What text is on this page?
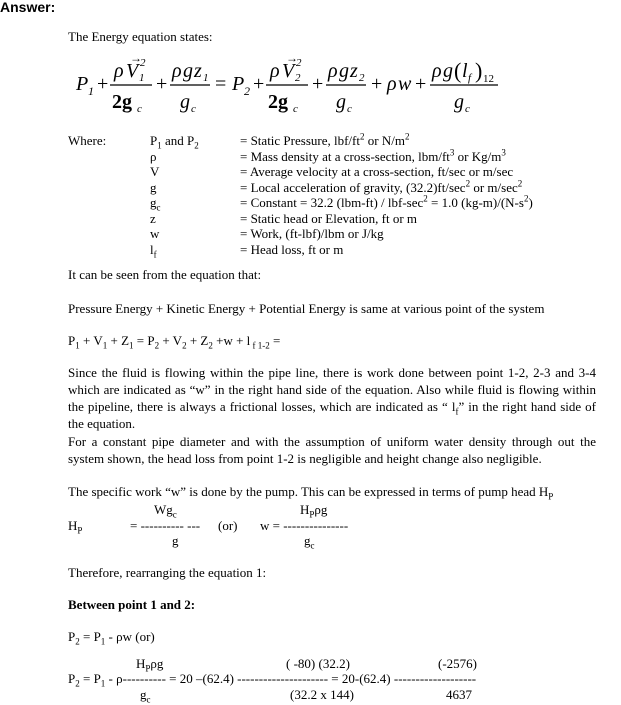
Answer:
The Energy equation states:
P 1 +
ρ V
→
1
2
2g c
+
ρ g z 1
g c
= P 2 +
ρ V
→
2
2
2g c
+
ρ g z 2
g c
+ ρ w +
ρ g ( l f ) 12
g c
Where:	$P_1$ and $P_2$	= Static Pressure, lbf/$ft^2$ or $N/m^2$
ρ	= Mass density at a cross-section, lbm/$ft^3$ or $Kg/m^3$
V	= Average velocity at a cross-section, ft/sec or m/sec
g	= Local acceleration of gravity, $(32.2)ft/\sec^2$ or $m/\sec^2$
$g_c$	= Constant = 32.2 (lbm-ft) / lbf-$\sec^2 = 1.0$ $(kg-m)/(N-s^2)$
z	= Static head or Elevation, ft or m
w	= Work, (ft-lbf)/lbm or J/kg
$l_f$	= Head loss, ft or m
It can be seen from the equation that:
Pressure Energy + Kinetic Energy + Potential Energy is same at various point of the system
$P_1 + V_1 + Z_1 = P_2 + V_2 + Z_2 +w + l$ $_{f 1-2}$ =
Since the fluid is flowing within the pipe line, there is work done between point 1-2, 2-3 and 3-4 which are indicated as “w” in the right hand side of the equation. Also while fluid is flowing within the pipeline, there is always a frictional losses, which are indicated as “ $l_f$” in the right hand side of the equation.
For a constant pipe diameter and with the assumption of uniform water density through out the system shown, the head loss from point 1-2 is negligible and height change also negligible.
The specific work “w” is done by the pump. This can be expressed in terms of pump head $H_P$
$Wg_c$	$H_P\rho g$
$H_P$	= ---------- --- (or) w = ---------------
g	$g_c$
Therefore, rearranging the equation 1:
Between point 1 and 2:
$P_2 = P_1 - \rho w$ (or)
$H_P\rho g$	( -80) (32.2)	(-2576)
$P_2 = P_1 - \rho---------- = 20$ –(62.4) --------------------- = 20-(62.4) -------------------
$g_c$	(32.2 x 144)	4637
